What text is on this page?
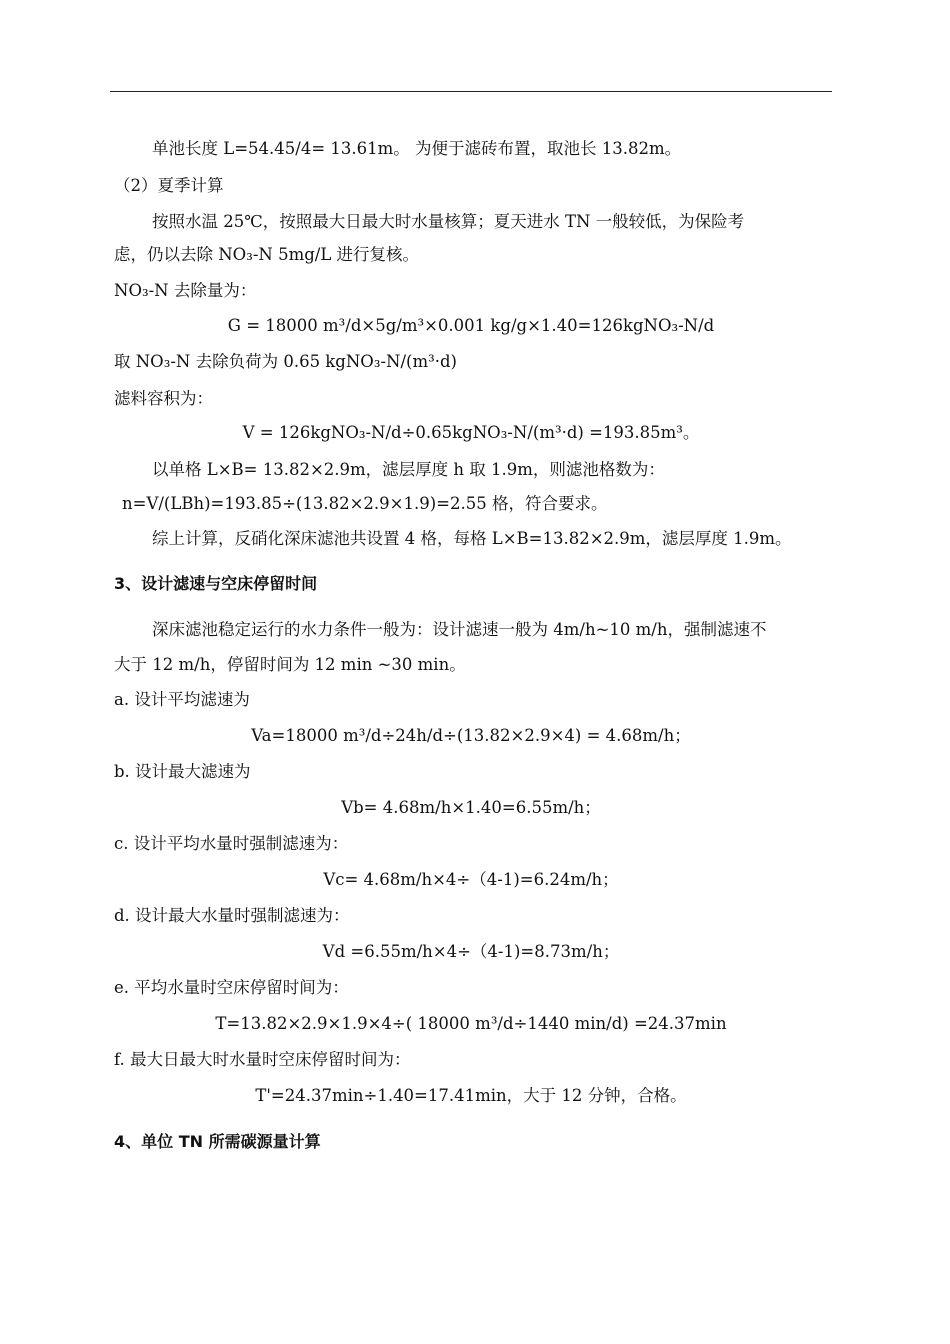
单池长度 L=54.45/4= 13.61m。 为便于滤砖布置，取池长 13.82m。
（2）夏季计算
按照水温 25℃，按照最大日最大时水量核算；夏天进水 TN 一般较低，为保险考
虑，仍以去除 NO₃-N 5mg/L 进行复核。
NO₃-N 去除量为：
G = 18000 m³/d×5g/m³×0.001 kg/g×1.40=126kgNO₃-N/d
取 NO₃-N 去除负荷为 0.65 kgNO₃-N/(m³·d)
滤料容积为：
V = 126kgNO₃-N/d÷0.65kgNO₃-N/(m³·d) =193.85m³。
以单格 L×B= 13.82×2.9m，滤层厚度 h 取 1.9m，则滤池格数为：
n=V/(LBh)=193.85÷(13.82×2.9×1.9)=2.55 格，符合要求。
综上计算，反硝化深床滤池共设置 4 格，每格 L×B=13.82×2.9m，滤层厚度 1.9m。
3、设计滤速与空床停留时间
深床滤池稳定运行的水力条件一般为：设计滤速一般为 4m/h~10 m/h，强制滤速不
大于 12 m/h，停留时间为 12 min ~30 min。
a. 设计平均滤速为
Va=18000 m³/d÷24h/d÷(13.82×2.9×4) = 4.68m/h；
b. 设计最大滤速为
Vb= 4.68m/h×1.40=6.55m/h；
c. 设计平均水量时强制滤速为：
Vc= 4.68m/h×4÷（4-1)=6.24m/h；
d. 设计最大水量时强制滤速为：
Vd =6.55m/h×4÷（4-1)=8.73m/h；
e. 平均水量时空床停留时间为：
T=13.82×2.9×1.9×4÷( 18000 m³/d÷1440 min/d) =24.37min
f. 最大日最大时水量时空床停留时间为：
T'=24.37min÷1.40=17.41min，大于 12 分钟，合格。
4、单位 TN 所需碳源量计算
